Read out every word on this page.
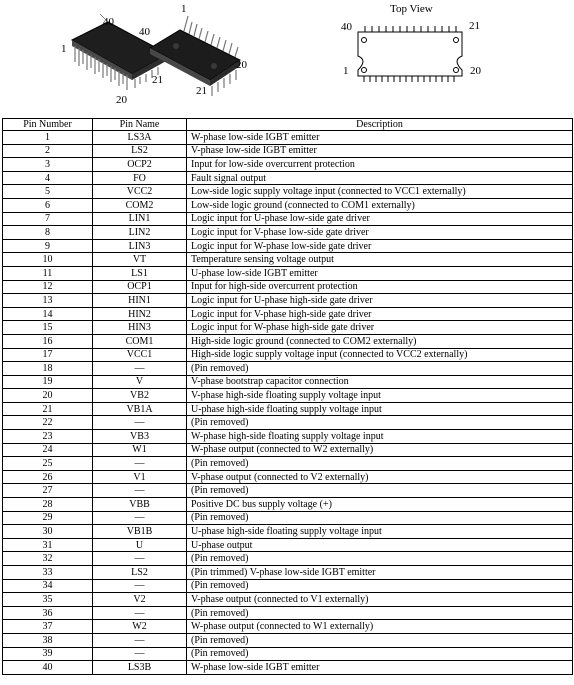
40
1
21
20
40
1
20
21
Top View
40	21
1	20
Pin Number	Pin Name	Description
1	LS3A	W-phase low-side IGBT emitter
2	LS2	V-phase low-side IGBT emitter
3	OCP2	Input for low-side overcurrent protection
4	FO	Fault signal output
5	VCC2	Low-side logic supply voltage input (connected to VCC1 externally)
6	COM2	Low-side logic ground (connected to COM1 externally)
7	LIN1	Logic input for U-phase low-side gate driver
8	LIN2	Logic input for V-phase low-side gate driver
9	LIN3	Logic input for W-phase low-side gate driver
10	VT	Temperature sensing voltage output
11	LS1	U-phase low-side IGBT emitter
12	OCP1	Input for high-side overcurrent protection
13	HIN1	Logic input for U-phase high-side gate driver
14	HIN2	Logic input for V-phase high-side gate driver
15	HIN3	Logic input for W-phase high-side gate driver
16	COM1	High-side logic ground (connected to COM2 externally)
17	VCC1	High-side logic supply voltage input (connected to VCC2 externally)
18	—	(Pin removed)
19	V	V-phase bootstrap capacitor connection
20	VB2	V-phase high-side floating supply voltage input
21	VB1A	U-phase high-side floating supply voltage input
22	—	(Pin removed)
23	VB3	W-phase high-side floating supply voltage input
24	W1	W-phase output (connected to W2 externally)
25	—	(Pin removed)
26	V1	V-phase output (connected to V2 externally)
27	—	(Pin removed)
28	VBB	Positive DC bus supply voltage (+)
29	—	(Pin removed)
30	VB1B	U-phase high-side floating supply voltage input
31	U	U-phase output
32	—	(Pin removed)
33	LS2	(Pin trimmed) V-phase low-side IGBT emitter
34	—	(Pin removed)
35	V2	V-phase output (connected to V1 externally)
36	—	(Pin removed)
37	W2	W-phase output (connected to W1 externally)
38	—	(Pin removed)
39	—	(Pin removed)
40	LS3B	W-phase low-side IGBT emitter
